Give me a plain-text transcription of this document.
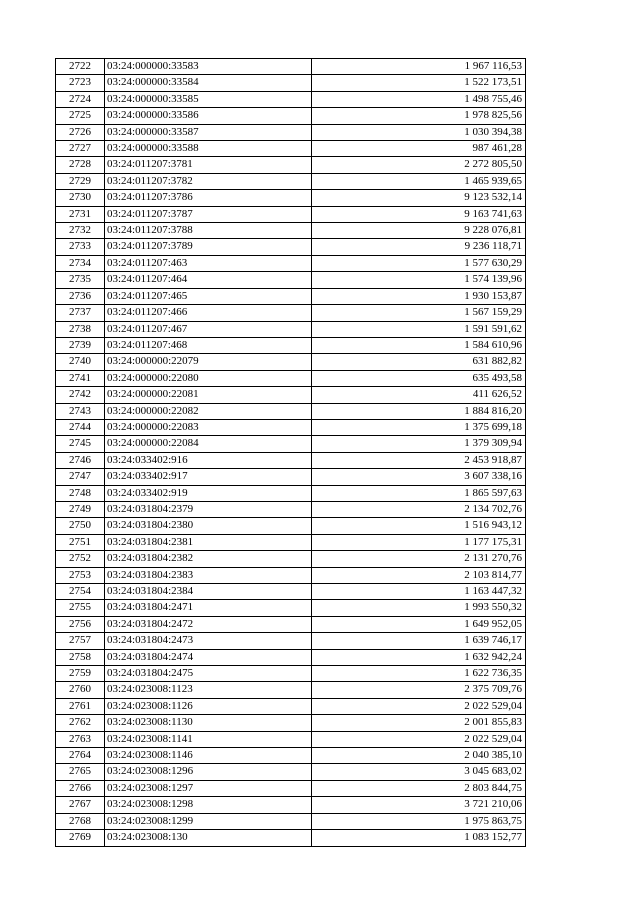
2722	03:24:000000:33583	1 967 116,53
2723	03:24:000000:33584	1 522 173,51
2724	03:24:000000:33585	1 498 755,46
2725	03:24:000000:33586	1 978 825,56
2726	03:24:000000:33587	1 030 394,38
2727	03:24:000000:33588	987 461,28
2728	03:24:011207:3781	2 272 805,50
2729	03:24:011207:3782	1 465 939,65
2730	03:24:011207:3786	9 123 532,14
2731	03:24:011207:3787	9 163 741,63
2732	03:24:011207:3788	9 228 076,81
2733	03:24:011207:3789	9 236 118,71
2734	03:24:011207:463	1 577 630,29
2735	03:24:011207:464	1 574 139,96
2736	03:24:011207:465	1 930 153,87
2737	03:24:011207:466	1 567 159,29
2738	03:24:011207:467	1 591 591,62
2739	03:24:011207:468	1 584 610,96
2740	03:24:000000:22079	631 882,82
2741	03:24:000000:22080	635 493,58
2742	03:24:000000:22081	411 626,52
2743	03:24:000000:22082	1 884 816,20
2744	03:24:000000:22083	1 375 699,18
2745	03:24:000000:22084	1 379 309,94
2746	03:24:033402:916	2 453 918,87
2747	03:24:033402:917	3 607 338,16
2748	03:24:033402:919	1 865 597,63
2749	03:24:031804:2379	2 134 702,76
2750	03:24:031804:2380	1 516 943,12
2751	03:24:031804:2381	1 177 175,31
2752	03:24:031804:2382	2 131 270,76
2753	03:24:031804:2383	2 103 814,77
2754	03:24:031804:2384	1 163 447,32
2755	03:24:031804:2471	1 993 550,32
2756	03:24:031804:2472	1 649 952,05
2757	03:24:031804:2473	1 639 746,17
2758	03:24:031804:2474	1 632 942,24
2759	03:24:031804:2475	1 622 736,35
2760	03:24:023008:1123	2 375 709,76
2761	03:24:023008:1126	2 022 529,04
2762	03:24:023008:1130	2 001 855,83
2763	03:24:023008:1141	2 022 529,04
2764	03:24:023008:1146	2 040 385,10
2765	03:24:023008:1296	3 045 683,02
2766	03:24:023008:1297	2 803 844,75
2767	03:24:023008:1298	3 721 210,06
2768	03:24:023008:1299	1 975 863,75
2769	03:24:023008:130	1 083 152,77
